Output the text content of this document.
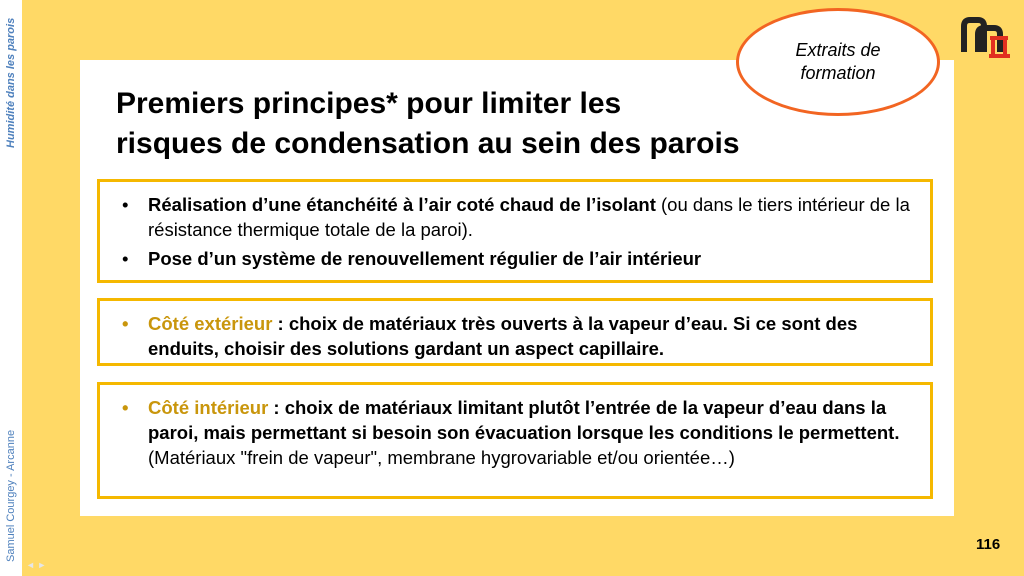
Humidité dans les parois
Samuel Courgey - Arcanne
Premiers principes* pour limiter les
risques de condensation au sein des parois
Extraits de
formation
• Réalisation d’une étanchéité à l’air coté chaud de l’isolant (ou dans le tiers intérieur de la résistance thermique totale de la paroi).
• Pose d’un système de renouvellement régulier de l’air intérieur
• Côté extérieur : choix de matériaux très ouverts à la vapeur d’eau. Si ce sont des enduits, choisir des solutions gardant un aspect capillaire.
• Côté intérieur : choix de matériaux limitant plutôt l’entrée de la vapeur d’eau dans la paroi, mais permettant si besoin son évacuation lorsque les conditions le permettent. (Matériaux "frein de vapeur", membrane hygrovariable et/ou orientée…)
116
◄ ►
